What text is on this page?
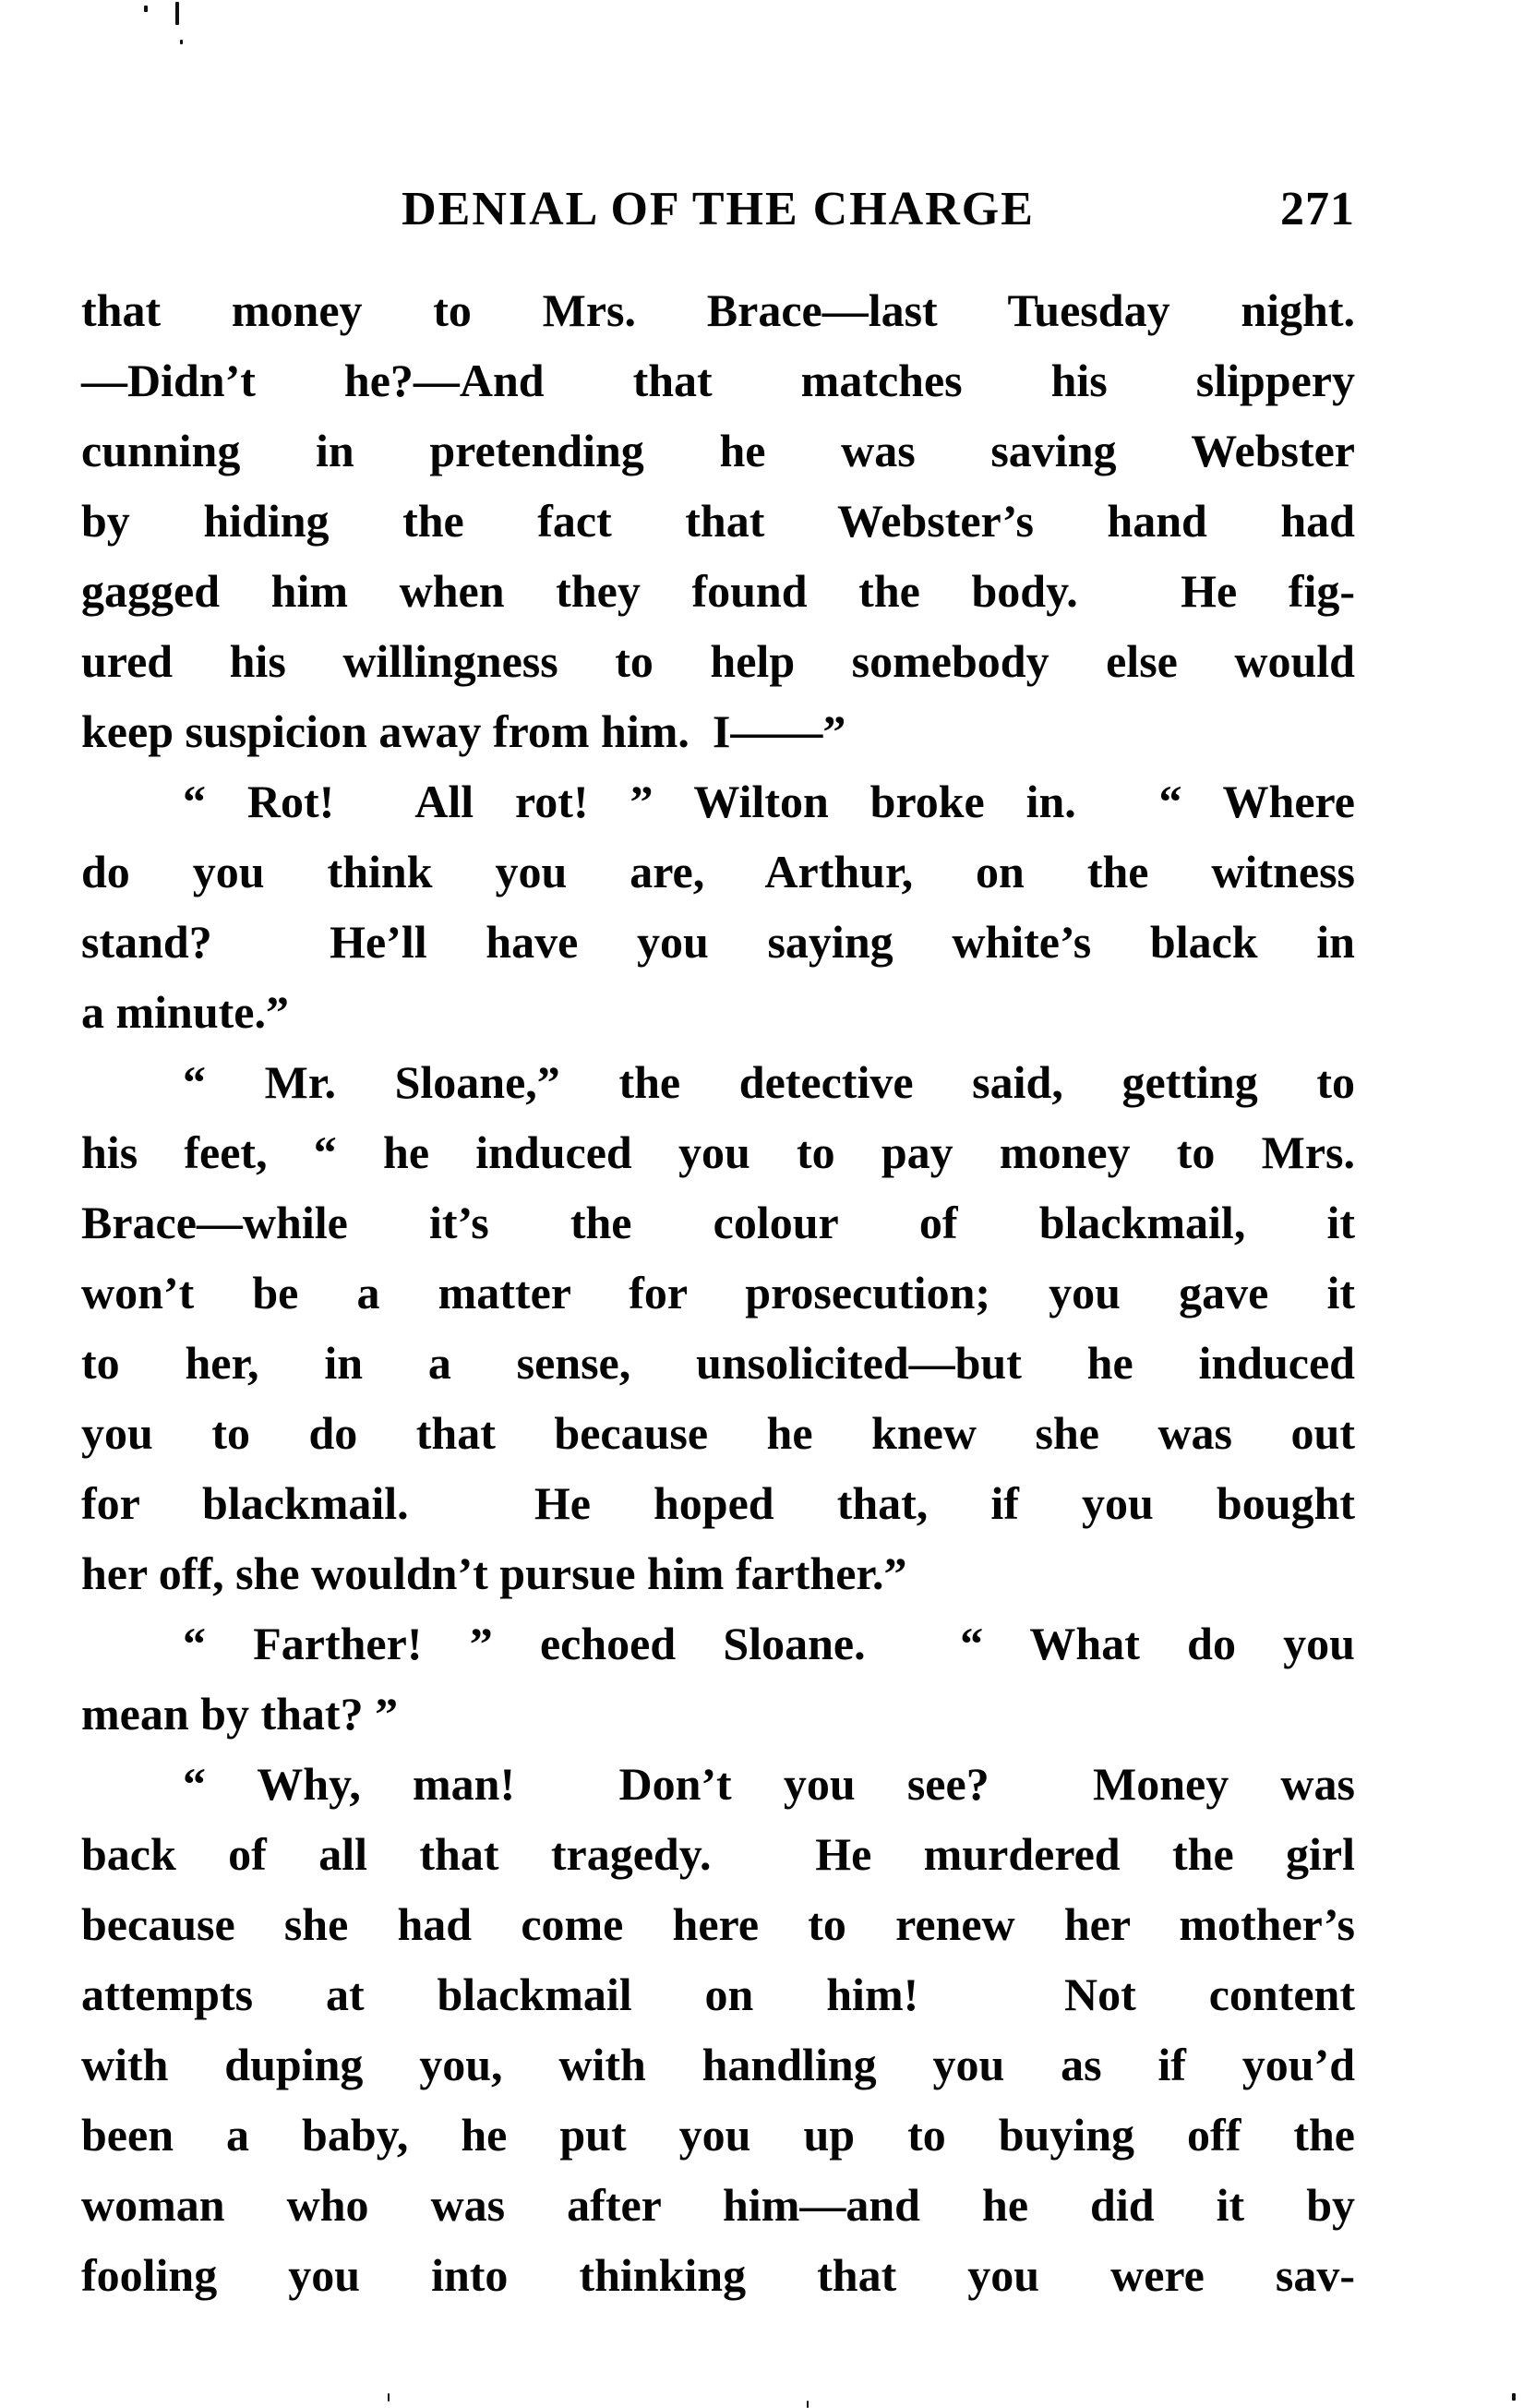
DENIAL OF THE CHARGE	271
that money to Mrs. Brace—last Tuesday night.
—Didn’t he?—And that matches his slippery
cunning in pretending he was saving Webster
by hiding the fact that Webster’s hand had
gagged him when they found the body.  He fig-
ured his willingness to help somebody else would
keep suspicion away from him.  I——”
“ Rot!  All rot! ” Wilton broke in.  “ Where
do you think you are, Arthur, on the witness
stand?  He’ll have you saying white’s black in
a minute.”
“ Mr. Sloane,” the detective said, getting to
his feet, “ he induced you to pay money to Mrs.
Brace—while it’s the colour of blackmail, it
won’t be a matter for prosecution; you gave it
to her, in a sense, unsolicited—but he induced
you to do that because he knew she was out
for blackmail.  He hoped that, if you bought
her off, she wouldn’t pursue him farther.”
“ Farther! ” echoed Sloane.  “ What do you
mean by that? ”
“ Why, man!  Don’t you see?  Money was
back of all that tragedy.  He murdered the girl
because she had come here to renew her mother’s
attempts at blackmail on him!  Not content
with duping you, with handling you as if you’d
been a baby, he put you up to buying off the
woman who was after him—and he did it by
fooling you into thinking that you were sav-
